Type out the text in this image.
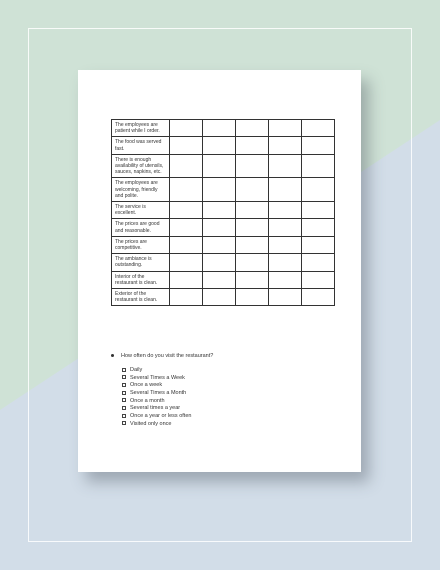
The employees are patient while I order.					
The food was served fast.					
There is enough availability of utensils, sauces, napkins, etc.					
The employees are welcoming, friendly and polite.					
The service is excellent.					
The prices are good and reasonable.					
The prices are competitive.					
The ambiance is outstanding.					
Interior of the restaurant is clean.					
Exterior of the restaurant is clean.					
How often do you visit the restaurant?
Daily
Several Times a Week
Once a week
Several Times a Month
Once a month
Several times a year
Once a year or less often
Visited only once
